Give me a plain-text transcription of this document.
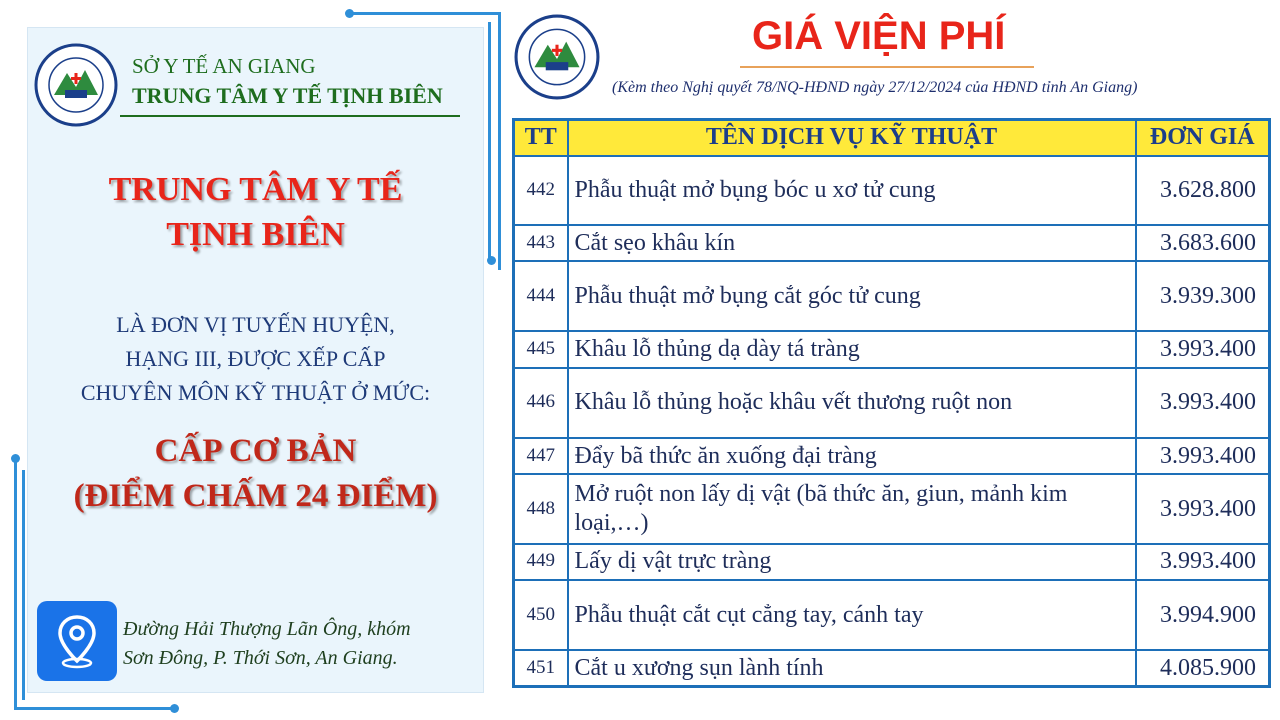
SỞ Y TẾ AN GIANG
TRUNG TÂM Y TẾ TỊNH BIÊN
TRUNG TÂM Y TẾ
TỊNH BIÊN
LÀ ĐƠN VỊ TUYẾN HUYỆN,
HẠNG III, ĐƯỢC XẾP CẤP
CHUYÊN MÔN KỸ THUẬT Ở MỨC:
CẤP CƠ BẢN
(ĐIỂM CHẤM 24 ĐIỂM)
Đường Hải Thượng Lãn Ông, khóm
Sơn Đông, P. Thới Sơn, An Giang.
GIÁ VIỆN PHÍ
(Kèm theo Nghị quyết 78/NQ-HĐND ngày 27/12/2024 của HĐND tỉnh An Giang)
TT	TÊN DỊCH VỤ KỸ THUẬT	ĐƠN GIÁ
442	Phẫu thuật mở bụng bóc u xơ tử cung	3.628.800
443	Cắt sẹo khâu kín	3.683.600
444	Phẫu thuật mở bụng cắt góc tử cung	3.939.300
445	Khâu lỗ thủng dạ dày tá tràng	3.993.400
446	Khâu lỗ thủng hoặc khâu vết thương ruột non	3.993.400
447	Đẩy bã thức ăn xuống đại tràng	3.993.400
448	Mở ruột non lấy dị vật (bã thức ăn, giun, mảnh kim loại,…)	3.993.400
449	Lấy dị vật trực tràng	3.993.400
450	Phẫu thuật cắt cụt cẳng tay, cánh tay	3.994.900
451	Cắt u xương sụn lành tính	4.085.900
